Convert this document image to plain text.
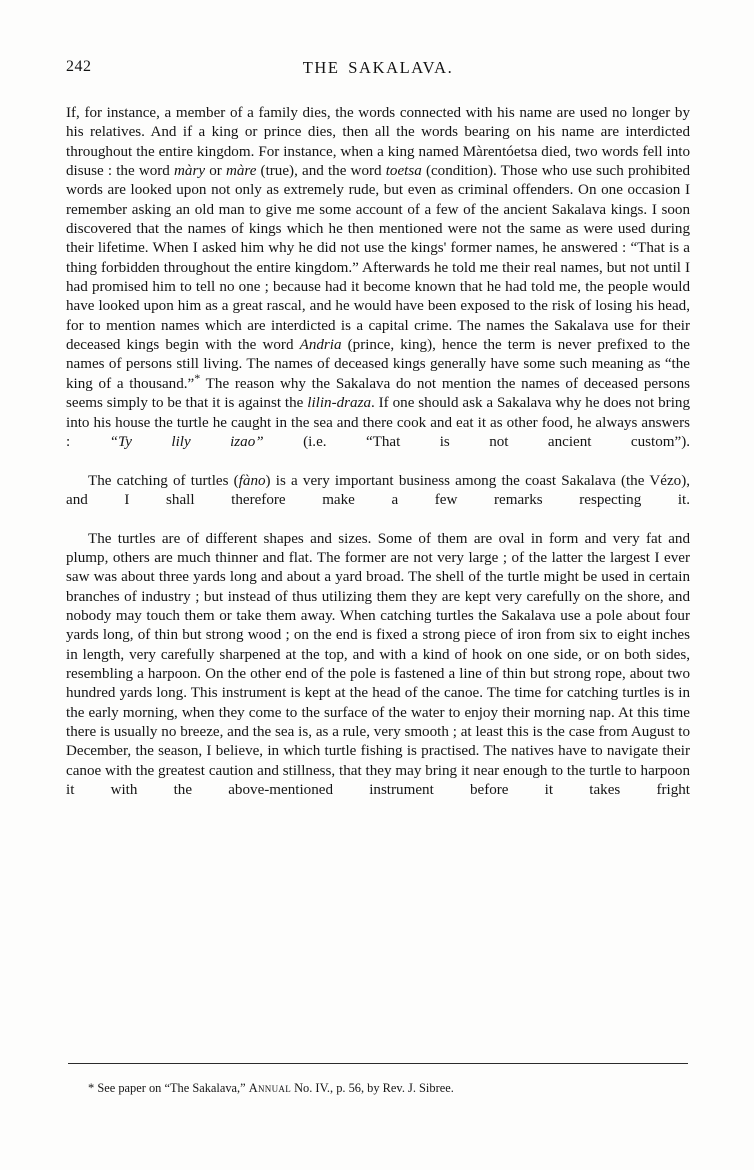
242	THE SAKALAVA.

If, for instance, a member of a family dies, the words connected with his name are used no longer by his relatives. And if a king or prince dies, then all the words bearing on his name are interdicted throughout the entire kingdom. For instance, when a king named Màrentóetsa died, two words fell into disuse : the word màry or màre (true), and the word toetsa (condition). Those who use such prohibited words are looked upon not only as extremely rude, but even as criminal offenders. On one occasion I remember asking an old man to give me some account of a few of the ancient Sakalava kings. I soon discovered that the names of kings which he then mentioned were not the same as were used during their lifetime. When I asked him why he did not use the kings' former names, he answered : “That is a thing forbidden throughout the entire kingdom.” Afterwards he told me their real names, but not until I had promised him to tell no one ; because had it become known that he had told me, the people would have looked upon him as a great rascal, and he would have been exposed to the risk of losing his head, for to mention names which are interdicted is a capital crime. The names the Sakalava use for their deceased kings begin with the word Andria (prince, king), hence the term is never prefixed to the names of persons still living. The names of deceased kings generally have some such meaning as “the king of a thousand.”* The reason why the Sakalava do not mention the names of deceased persons seems simply to be that it is against the lilin-draza. If one should ask a Sakalava why he does not bring into his house the turtle he caught in the sea and there cook and eat it as other food, he always answers : “Ty lily izao” (i.e. “That is not ancient custom”).

The catching of turtles (fàno) is a very important business among the coast Sakalava (the Vézo), and I shall therefore make a few remarks respecting it.

The turtles are of different shapes and sizes. Some of them are oval in form and very fat and plump, others are much thinner and flat. The former are not very large ; of the latter the largest I ever saw was about three yards long and about a yard broad. The shell of the turtle might be used in certain branches of industry ; but instead of thus utilizing them they are kept very carefully on the shore, and nobody may touch them or take them away. When catching turtles the Sakalava use a pole about four yards long, of thin but strong wood ; on the end is fixed a strong piece of iron from six to eight inches in length, very carefully sharpened at the top, and with a kind of hook on one side, or on both sides, resembling a harpoon. On the other end of the pole is fastened a line of thin but strong rope, about two hundred yards long. This instrument is kept at the head of the canoe. The time for catching turtles is in the early morning, when they come to the surface of the water to enjoy their morning nap. At this time there is usually no breeze, and the sea is, as a rule, very smooth ; at least this is the case from August to December, the season, I believe, in which turtle fishing is practised. The natives have to navigate their canoe with the greatest caution and stillness, that they may bring it near enough to the turtle to harpoon it with the above-mentioned instrument before it takes fright

* See paper on “The Sakalava,” Annual No. IV., p. 56, by Rev. J. Sibree.
